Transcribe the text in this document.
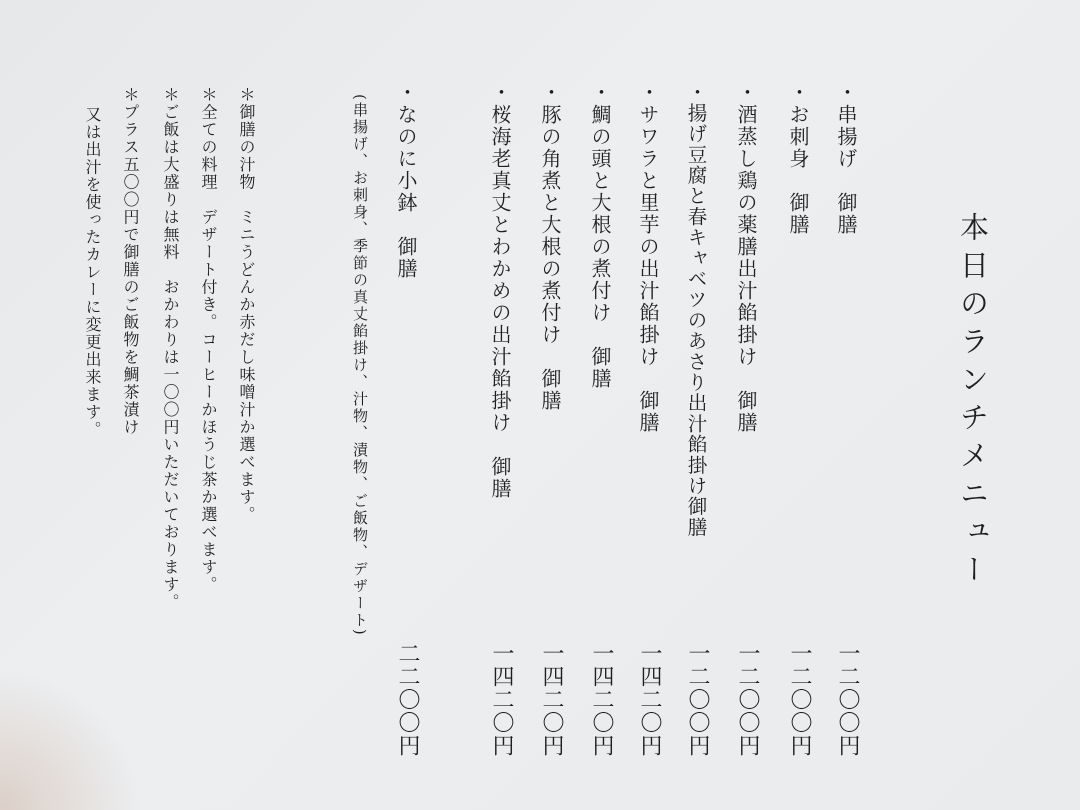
本日のランチメニュー
・串揚げ　御膳
一二〇〇円
・お刺身　御膳
一二〇〇円
・酒蒸し鶏の薬膳出汁餡掛け　御膳
一二〇〇円
・揚げ豆腐と春キャベツのあさり出汁餡掛け御膳
一二〇〇円
・サワラと里芋の出汁餡掛け　御膳
一四二〇円
・鯛の頭と大根の煮付け　御膳
一四二〇円
・豚の角煮と大根の煮付け　御膳
一四二〇円
・桜海老真丈とわかめの出汁餡掛け　御膳
一四二〇円
・なのに小鉢　御膳
二二〇〇円
(串揚げ、お刺身、季節の真丈餡掛け、汁物、漬物、ご飯物、デザート)
＊御膳の汁物　ミニうどんか赤だし味噌汁か選べます。
＊全ての料理　デザート付き。コーヒーかほうじ茶か選べます。
＊ご飯は大盛りは無料　おかわりは一〇〇円いただいております。
＊プラス五〇〇円で御膳のご飯物を鯛茶漬け
又は出汁を使ったカレーに変更出来ます。
